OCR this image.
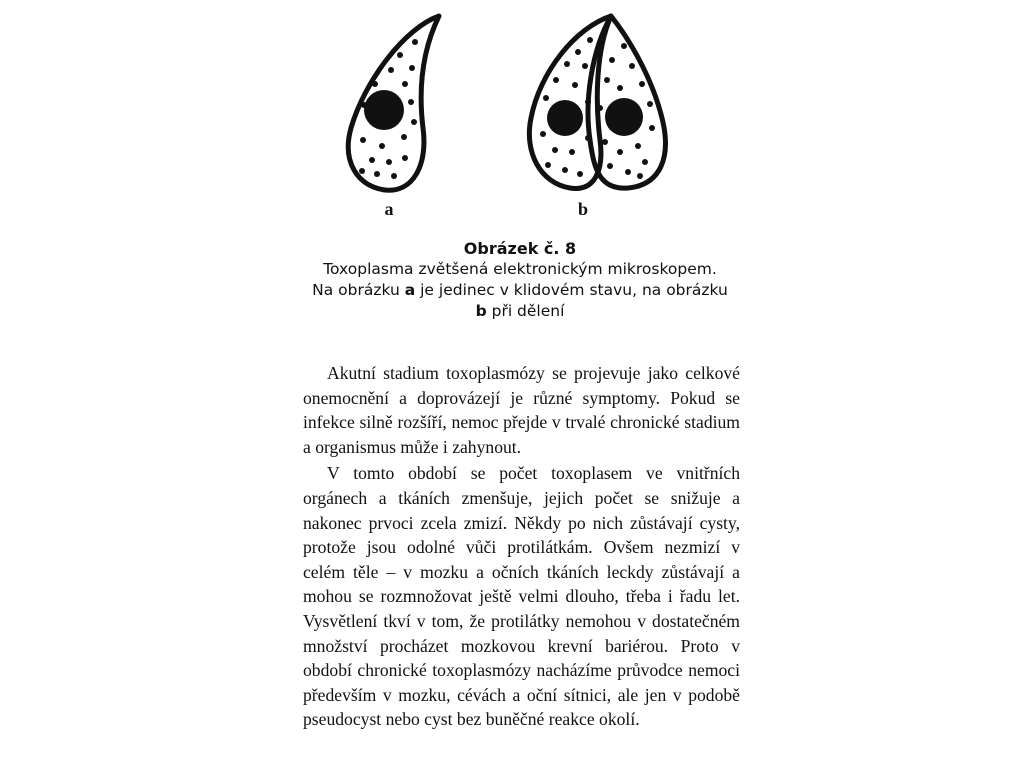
a	b
Obrázek č. 8
Toxoplasma zvětšená elektronickým mikroskopem.
Na obrázku a je jedinec v klidovém stavu, na obrázku
b při dělení

Akutní stadium toxoplasmózy se projevuje jako celkové onemocnění a doprovázejí je různé symptomy. Pokud se infekce silně rozšíří, nemoc přejde v trvalé chronické stadium a organismus může i zahynout.

V tomto období se počet toxoplasem ve vnitřních orgánech a tkáních zmenšuje, jejich počet se snižuje a nakonec prvoci zcela zmizí. Někdy po nich zůstávají cysty, protože jsou odolné vůči protilátkám. Ovšem nezmizí v celém těle – v mozku a očních tkáních leckdy zůstávají a mohou se rozmnožovat ještě velmi dlouho, třeba i řadu let. Vysvětlení tkví v tom, že protilátky nemohou v dostatečném množství procházet mozkovou krevní bariérou. Proto v období chronické toxoplasmózy nacházíme průvodce nemoci především v mozku, cévách a oční sítnici, ale jen v podobě pseudocyst nebo cyst bez buněčné reakce okolí.
